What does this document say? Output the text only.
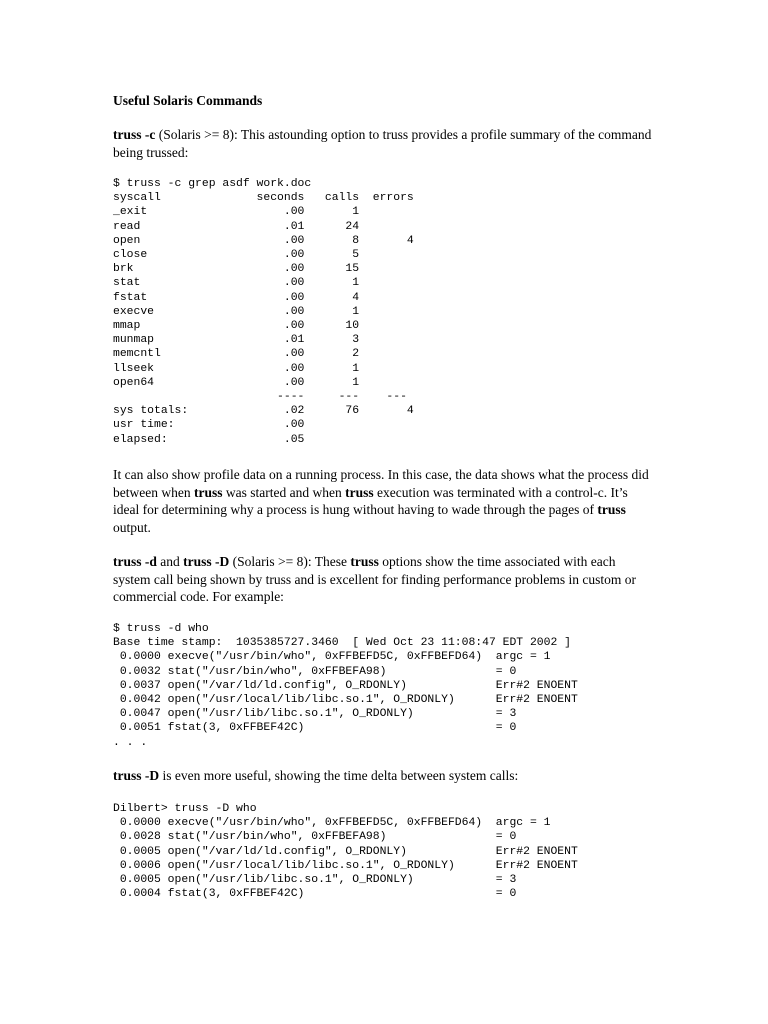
Useful Solaris Commands

truss -c (Solaris >= 8): This astounding option to truss provides a profile summary of the command being trussed:

$ truss -c grep asdf work.doc
syscall              seconds   calls  errors
_exit                    .00       1
read                     .01      24
open                     .00       8       4
close                    .00       5
brk                      .00      15
stat                     .00       1
fstat                    .00       4
execve                   .00       1
mmap                     .00      10
munmap                   .01       3
memcntl                  .00       2
llseek                   .00       1
open64                   .00       1
----     ---    ---
sys totals:              .02      76       4
usr time:                .00
elapsed:                 .05

It can also show profile data on a running process. In this case, the data shows what the process did between when truss was started and when truss execution was terminated with a control-c. It’s ideal for determining why a process is hung without having to wade through the pages of truss output.

truss -d and truss -D (Solaris >= 8): These truss options show the time associated with each system call being shown by truss and is excellent for finding performance problems in custom or commercial code. For example:

$ truss -d who
Base time stamp:  1035385727.3460  [ Wed Oct 23 11:08:47 EDT 2002 ]
0.0000 execve("/usr/bin/who", 0xFFBEFD5C, 0xFFBEFD64)  argc = 1
0.0032 stat("/usr/bin/who", 0xFFBEFA98)                = 0
0.0037 open("/var/ld/ld.config", O_RDONLY)             Err#2 ENOENT
0.0042 open("/usr/local/lib/libc.so.1", O_RDONLY)      Err#2 ENOENT
0.0047 open("/usr/lib/libc.so.1", O_RDONLY)            = 3
0.0051 fstat(3, 0xFFBEF42C)                            = 0
. . .

truss -D is even more useful, showing the time delta between system calls:

Dilbert> truss -D who
0.0000 execve("/usr/bin/who", 0xFFBEFD5C, 0xFFBEFD64)  argc = 1
0.0028 stat("/usr/bin/who", 0xFFBEFA98)                = 0
0.0005 open("/var/ld/ld.config", O_RDONLY)             Err#2 ENOENT
0.0006 open("/usr/local/lib/libc.so.1", O_RDONLY)      Err#2 ENOENT
0.0005 open("/usr/lib/libc.so.1", O_RDONLY)            = 3
0.0004 fstat(3, 0xFFBEF42C)                            = 0
